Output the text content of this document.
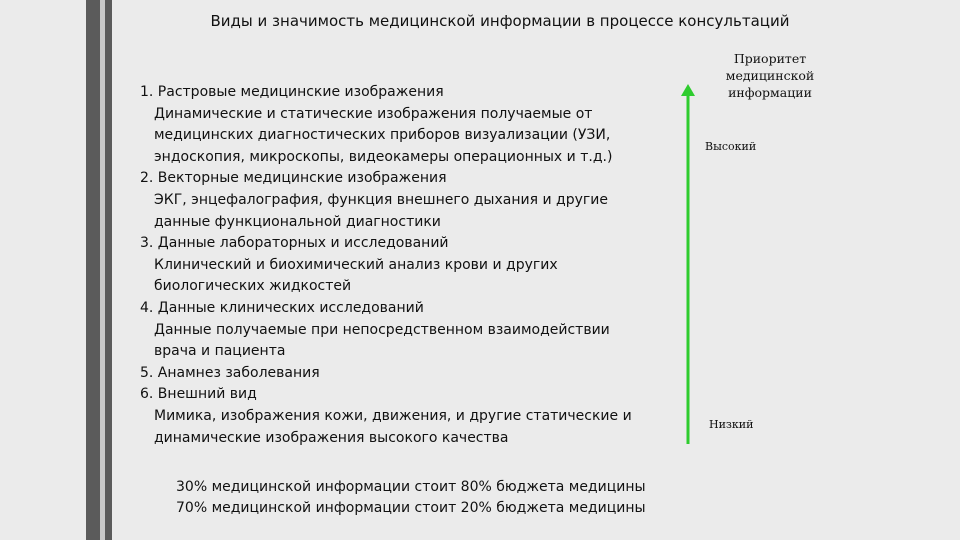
Виды и значимость медицинской информации в процессе консультаций
1. Растровые медицинские изображения
Динамические и статические изображения получаемые от
медицинских диагностических приборов визуализации (УЗИ,
эндоскопия, микроскопы, видеокамеры операционных и т.д.)
2. Векторные медицинские изображения
ЭКГ, энцефалография, функция внешнего дыхания и другие
данные функциональной диагностики
3. Данные лабораторных и исследований
Клинический и биохимический анализ крови и других
биологических жидкостей
4. Данные клинических исследований
Данные получаемые при непосредственном взаимодействии
врача и пациента
5. Анамнез заболевания
6. Внешний вид
Мимика, изображения кожи, движения, и другие статические и
динамические изображения высокого качества
Приоритет
медицинской
информации
Высокий
Низкий
30% медицинской информации стоит 80% бюджета медицины
70% медицинской информации стоит 20% бюджета медицины
